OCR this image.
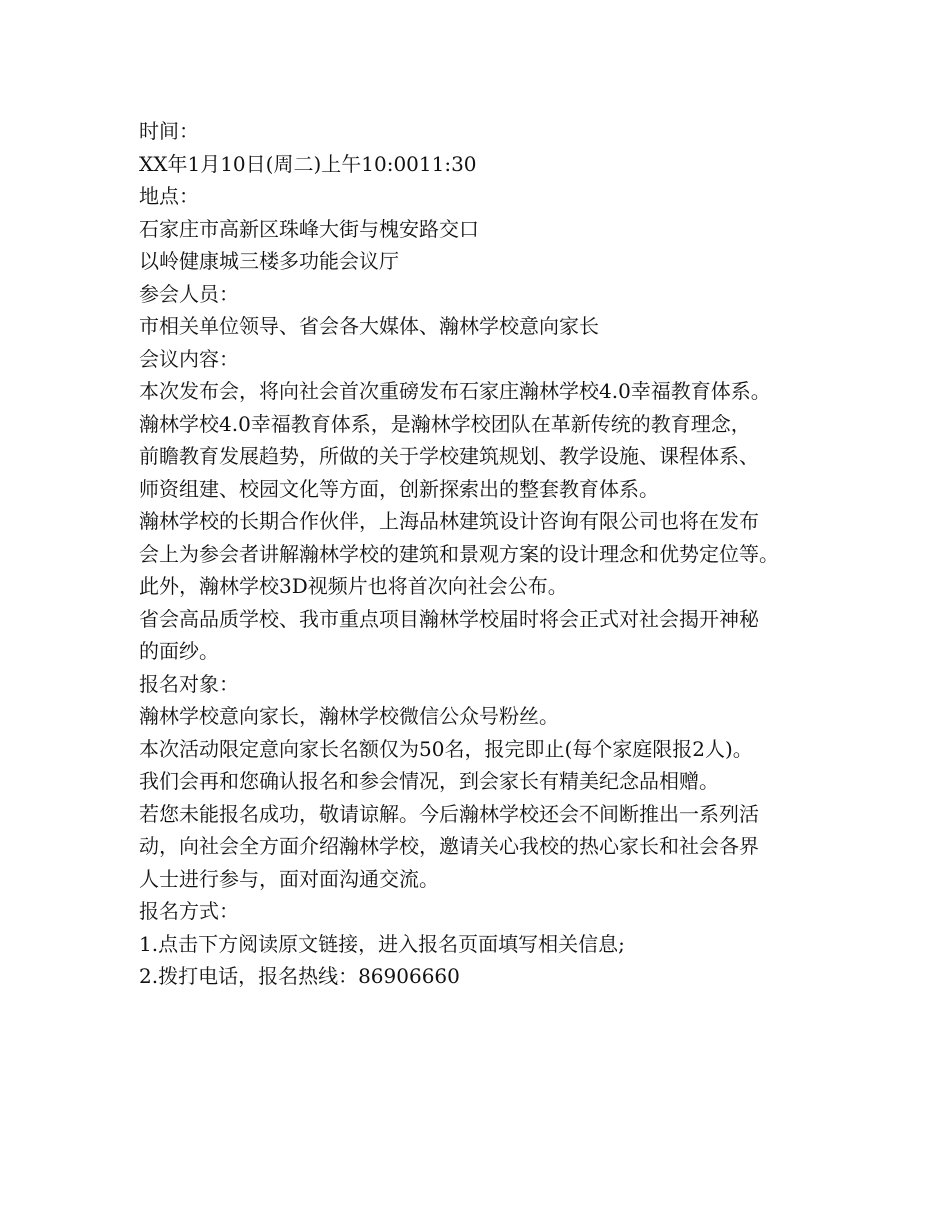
时间：
XX年1月10日(周二)上午10:0011:30
地点：
石家庄市高新区珠峰大街与槐安路交口
以岭健康城三楼多功能会议厅
参会人员：
市相关单位领导、省会各大媒体、瀚林学校意向家长
会议内容：
本次发布会，将向社会首次重磅发布石家庄瀚林学校4.0幸福教育体系。
瀚林学校4.0幸福教育体系，是瀚林学校团队在革新传统的教育理念，
前瞻教育发展趋势，所做的关于学校建筑规划、教学设施、课程体系、
师资组建、校园文化等方面，创新探索出的整套教育体系。
瀚林学校的长期合作伙伴，上海品林建筑设计咨询有限公司也将在发布
会上为参会者讲解瀚林学校的建筑和景观方案的设计理念和优势定位等。
此外，瀚林学校3D视频片也将首次向社会公布。
省会高品质学校、我市重点项目瀚林学校届时将会正式对社会揭开神秘
的面纱。
报名对象：
瀚林学校意向家长，瀚林学校微信公众号粉丝。
本次活动限定意向家长名额仅为50名，报完即止(每个家庭限报2人)。
我们会再和您确认报名和参会情况，到会家长有精美纪念品相赠。
若您未能报名成功，敬请谅解。今后瀚林学校还会不间断推出一系列活
动，向社会全方面介绍瀚林学校，邀请关心我校的热心家长和社会各界
人士进行参与，面对面沟通交流。
报名方式：
1.点击下方阅读原文链接，进入报名页面填写相关信息;
2.拨打电话，报名热线：86906660
